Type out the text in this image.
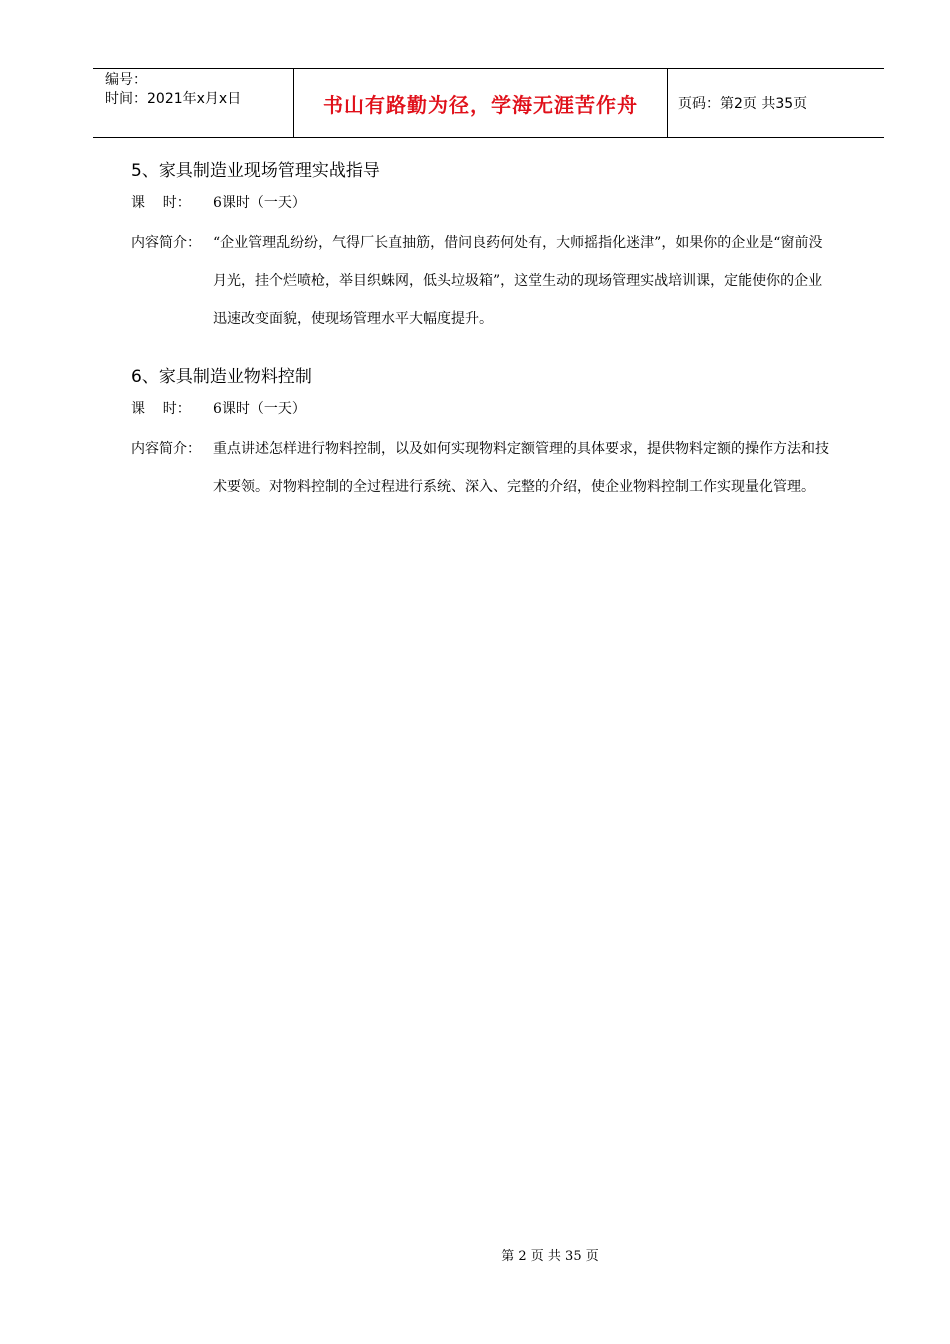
编号：
时间：2021年x月x日	书山有路勤为径，学海无涯苦作舟	页码：第2页 共35页
5、家具制造业现场管理实战指导
课    时：	6课时（一天）
内容简介： “企业管理乱纷纷，气得厂长直抽筋，借问良药何处有，大师摇指化迷津”，如果你的企业是“窗前没月光，挂个烂喷枪，举目织蛛网，低头垃圾箱”，这堂生动的现场管理实战培训课，定能使你的企业迅速改变面貌，使现场管理水平大幅度提升。
6、家具制造业物料控制
课    时：	6课时（一天）
内容简介： 重点讲述怎样进行物料控制，以及如何实现物料定额管理的具体要求，提供物料定额的操作方法和技术要领。对物料控制的全过程进行系统、深入、完整的介绍，使企业物料控制工作实现量化管理。
第 2 页 共 35 页
